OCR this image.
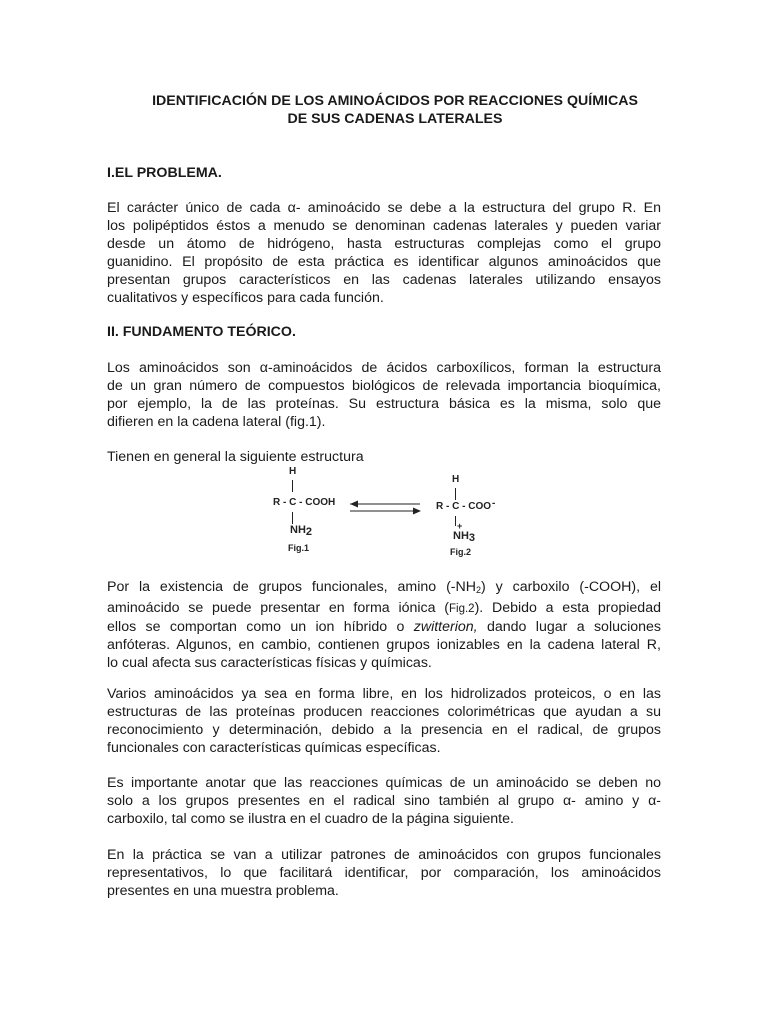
IDENTIFICACIÓN DE LOS AMINOÁCIDOS POR REACCIONES QUÍMICAS
DE SUS CADENAS LATERALES
I.EL PROBLEMA.
El carácter único de cada α- aminoácido se debe a la estructura del grupo R. En
los polipéptidos éstos a menudo se denominan cadenas laterales y pueden variar
desde un átomo de hidrógeno, hasta estructuras complejas como el grupo
guanidino. El propósito de esta práctica es identificar algunos aminoácidos que
presentan grupos característicos en las cadenas laterales utilizando ensayos
cualitativos y específicos para cada función.
II. FUNDAMENTO TEÓRICO.
Los aminoácidos son α-aminoácidos de ácidos carboxílicos, forman la estructura
de un gran número de compuestos biológicos de relevada importancia bioquímica,
por ejemplo, la de las proteínas. Su estructura básica es la misma, solo que
difieren en la cadena lateral (fig.1).
Tienen en general la siguiente estructura
H
R - C - COOH
$NH_2$
Fig.1
H
R - C - COO-
+
$NH_3$
Fig.2
Por la existencia de grupos funcionales, amino $(-NH_2)$ y carboxilo (-COOH), el
aminoácido se puede presentar en forma iónica (Fig.2). Debido a esta propiedad
ellos se comportan como un ion híbrido o zwitterion, dando lugar a soluciones
anfóteras. Algunos, en cambio, contienen grupos ionizables en la cadena lateral R,
lo cual afecta sus características físicas y químicas.
Varios aminoácidos ya sea en forma libre, en los hidrolizados proteicos, o en las
estructuras de las proteínas producen reacciones colorimétricas que ayudan a su
reconocimiento y determinación, debido a la presencia en el radical, de grupos
funcionales con características químicas específicas.
Es importante anotar que las reacciones químicas de un aminoácido se deben no
solo a los grupos presentes en el radical sino también al grupo α- amino y α-
carboxilo, tal como se ilustra en el cuadro de la página siguiente.
En la práctica se van a utilizar patrones de aminoácidos con grupos funcionales
representativos, lo que facilitará identificar, por comparación, los aminoácidos
presentes en una muestra problema.
